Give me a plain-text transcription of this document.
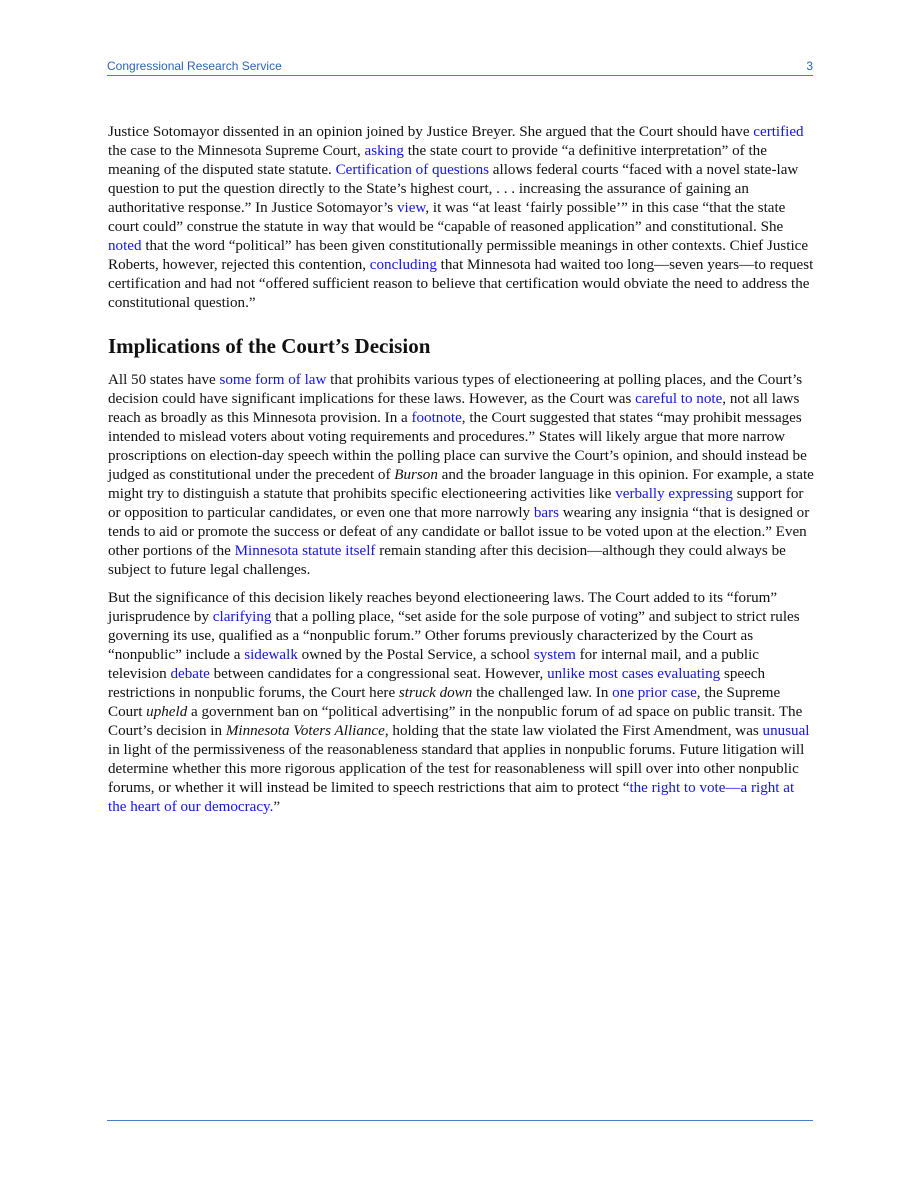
Congressional Research Service	3

Justice Sotomayor dissented in an opinion joined by Justice Breyer. She argued that the Court should have certified the case to the Minnesota Supreme Court, asking the state court to provide “a definitive interpretation” of the meaning of the disputed state statute. Certification of questions allows federal courts “faced with a novel state-law question to put the question directly to the State’s highest court, . . . increasing the assurance of gaining an authoritative response.” In Justice Sotomayor’s view, it was “at least ‘fairly possible’” in this case “that the state court could” construe the statute in way that would be “capable of reasoned application” and constitutional. She noted that the word “political” has been given constitutionally permissible meanings in other contexts. Chief Justice Roberts, however, rejected this contention, concluding that Minnesota had waited too long—seven years—to request certification and had not “offered sufficient reason to believe that certification would obviate the need to address the constitutional question.”

Implications of the Court’s Decision

All 50 states have some form of law that prohibits various types of electioneering at polling places, and the Court’s decision could have significant implications for these laws. However, as the Court was careful to note, not all laws reach as broadly as this Minnesota provision. In a footnote, the Court suggested that states “may prohibit messages intended to mislead voters about voting requirements and procedures.” States will likely argue that more narrow proscriptions on election-day speech within the polling place can survive the Court’s opinion, and should instead be judged as constitutional under the precedent of Burson and the broader language in this opinion. For example, a state might try to distinguish a statute that prohibits specific electioneering activities like verbally expressing support for or opposition to particular candidates, or even one that more narrowly bars wearing any insignia “that is designed or tends to aid or promote the success or defeat of any candidate or ballot issue to be voted upon at the election.” Even other portions of the Minnesota statute itself remain standing after this decision—although they could always be subject to future legal challenges.

But the significance of this decision likely reaches beyond electioneering laws. The Court added to its “forum” jurisprudence by clarifying that a polling place, “set aside for the sole purpose of voting” and subject to strict rules governing its use, qualified as a “nonpublic forum.” Other forums previously characterized by the Court as “nonpublic” include a sidewalk owned by the Postal Service, a school system for internal mail, and a public television debate between candidates for a congressional seat. However, unlike most cases evaluating speech restrictions in nonpublic forums, the Court here struck down the challenged law. In one prior case, the Supreme Court upheld a government ban on “political advertising” in the nonpublic forum of ad space on public transit. The Court’s decision in Minnesota Voters Alliance, holding that the state law violated the First Amendment, was unusual in light of the permissiveness of the reasonableness standard that applies in nonpublic forums. Future litigation will determine whether this more rigorous application of the test for reasonableness will spill over into other nonpublic forums, or whether it will instead be limited to speech restrictions that aim to protect “the right to vote—a right at the heart of our democracy.”
